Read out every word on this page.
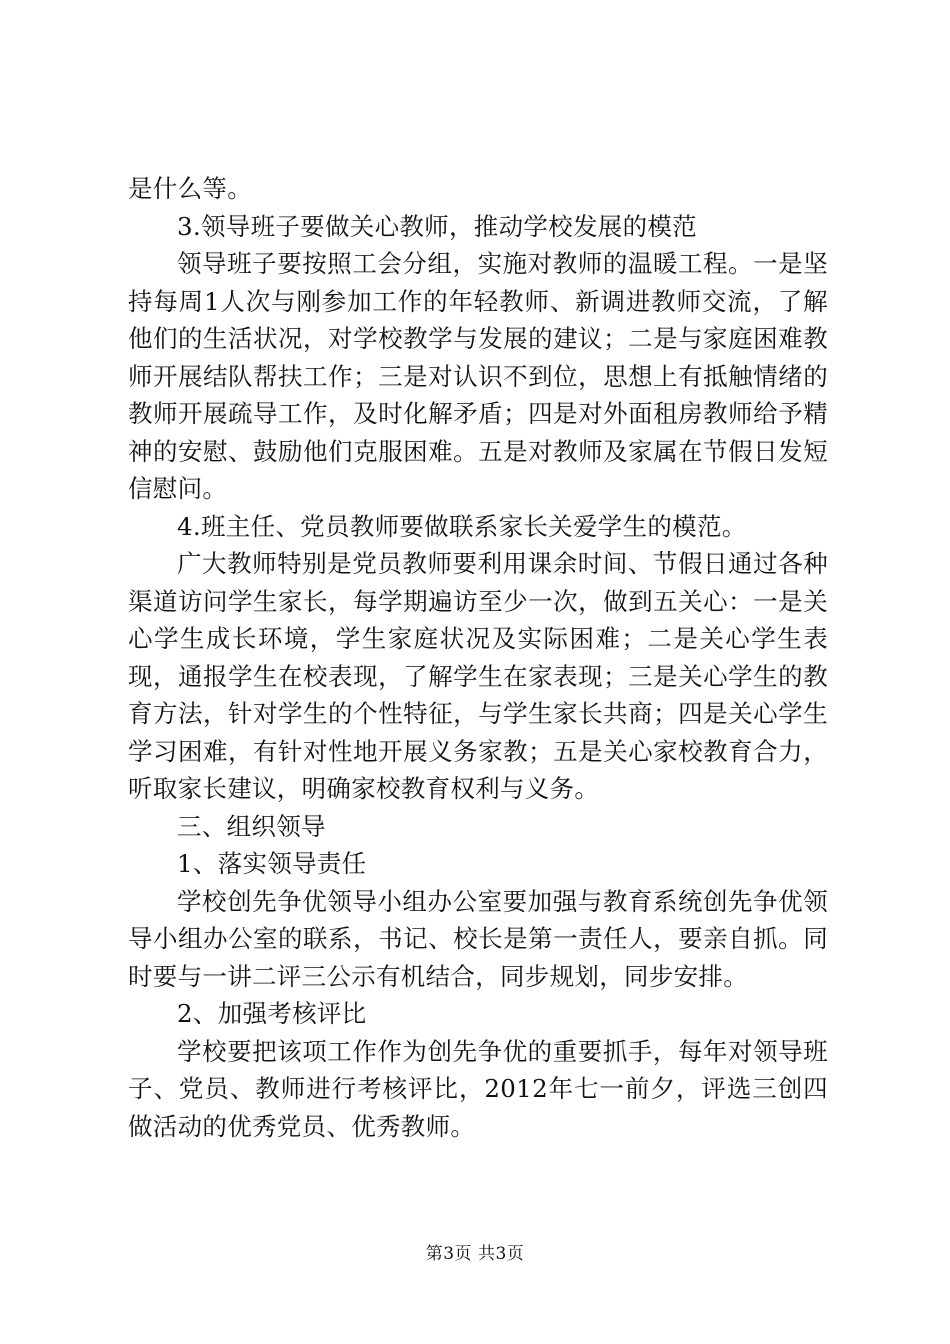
是什么等。

3.领导班子要做关心教师，推动学校发展的模范

领导班子要按照工会分组，实施对教师的温暖工程。一是坚持每周1人次与刚参加工作的年轻教师、新调进教师交流，了解他们的生活状况，对学校教学与发展的建议；二是与家庭困难教师开展结队帮扶工作；三是对认识不到位，思想上有抵触情绪的教师开展疏导工作，及时化解矛盾；四是对外面租房教师给予精神的安慰、鼓励他们克服困难。五是对教师及家属在节假日发短信慰问。

4.班主任、党员教师要做联系家长关爱学生的模范。

广大教师特别是党员教师要利用课余时间、节假日通过各种渠道访问学生家长，每学期遍访至少一次，做到五关心：一是关心学生成长环境，学生家庭状况及实际困难；二是关心学生表现，通报学生在校表现，了解学生在家表现；三是关心学生的教育方法，针对学生的个性特征，与学生家长共商；四是关心学生学习困难，有针对性地开展义务家教；五是关心家校教育合力，听取家长建议，明确家校教育权利与义务。

三、组织领导

1、落实领导责任

学校创先争优领导小组办公室要加强与教育系统创先争优领导小组办公室的联系，书记、校长是第一责任人，要亲自抓。同时要与一讲二评三公示有机结合，同步规划，同步安排。

2、加强考核评比

学校要把该项工作作为创先争优的重要抓手，每年对领导班子、党员、教师进行考核评比，2012年七一前夕，评选三创四做活动的优秀党员、优秀教师。

第3页 共3页
